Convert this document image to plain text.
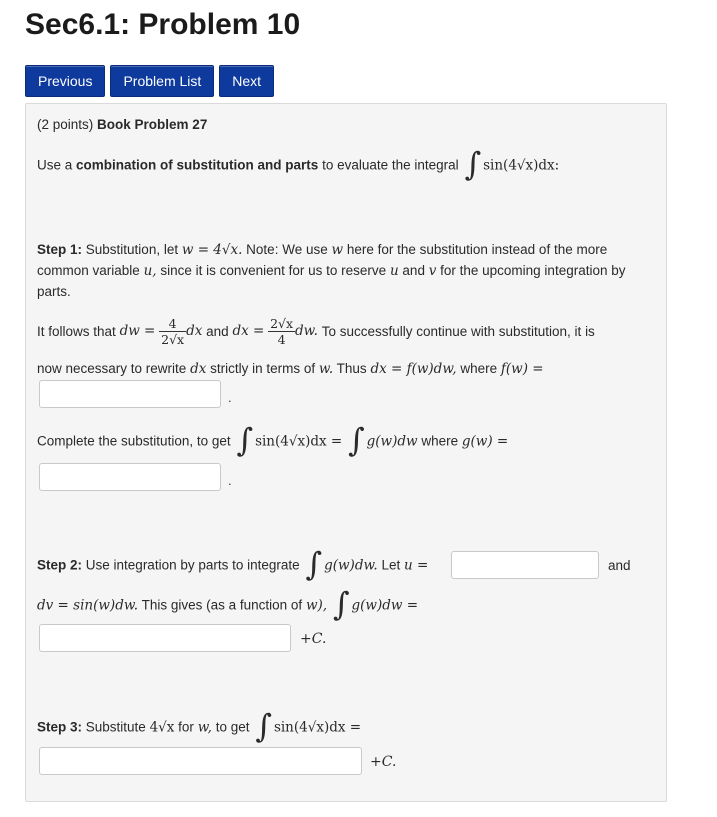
Sec6.1: Problem 10
Previous	Problem List	Next
(2 points) Book Problem 27
Use a combination of substitution and parts to evaluate the integral ∫ sin(4√x)dx:
Step 1: Substitution, let w = 4√x. Note: We use w here for the substitution instead of the more
common variable u, since it is convenient for us to reserve u and v for the upcoming integration by
parts.
It follows that dw = $\frac{4}{2√x}$ dx and dx = $\frac{2√x}{4}$ dw. To successfully continue with substitution, it is
now necessary to rewrite dx strictly in terms of w. Thus dx = f(w)dw, where f(w) =
.
Complete the substitution, to get ∫ sin(4√x)dx = ∫ g(w)dw where g(w) =
.
Step 2: Use integration by parts to integrate ∫ g(w)dw. Let u =	and
dv = sin(w)dw. This gives (as a function of w), ∫ g(w)dw =
+C.
Step 3: Substitute 4√x for w, to get ∫ sin(4√x)dx =
+C.
